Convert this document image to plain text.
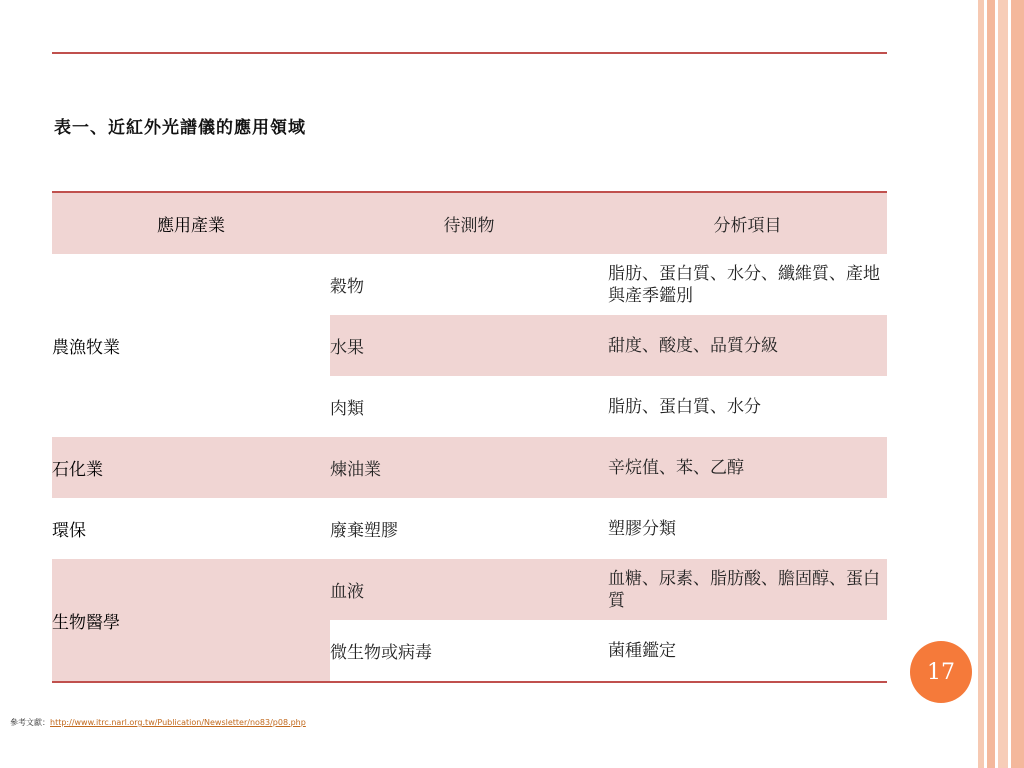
表一、近紅外光譜儀的應用領域
應用產業	待測物	分析項目
農漁牧業	穀物	脂肪、蛋白質、水分、纖維質、產地與產季鑑別
	水果	甜度、酸度、品質分級
	肉類	脂肪、蛋白質、水分
石化業	煉油業	辛烷值、苯、乙醇
環保	廢棄塑膠	塑膠分類
生物醫學	血液	血糖、尿素、脂肪酸、膽固醇、蛋白質
	微生物或病毒	菌種鑑定
參考文獻：http://www.itrc.narl.org.tw/Publication/Newsletter/no83/p08.php
17
